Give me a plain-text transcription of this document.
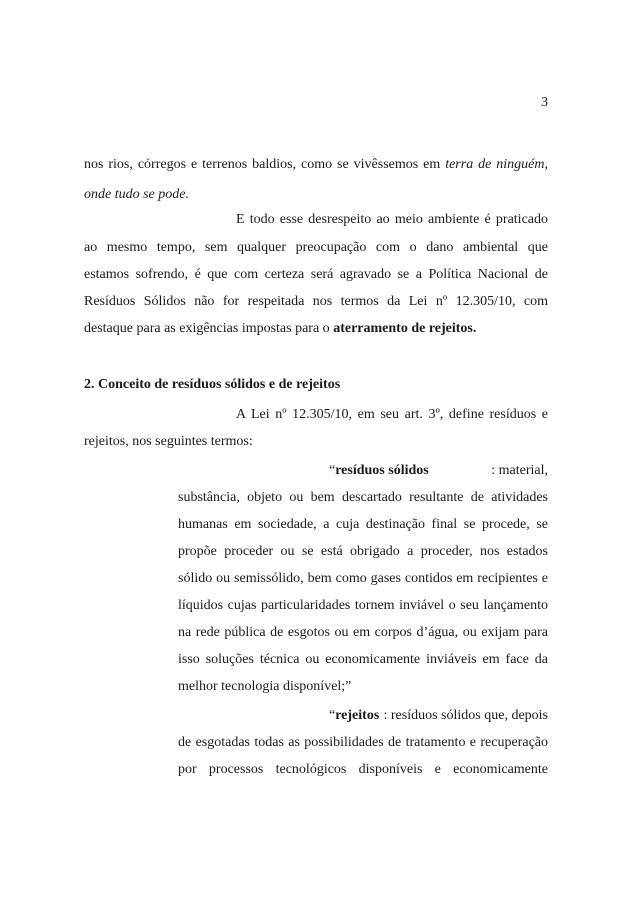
3
nos rios, córregos e terrenos baldios, como se vivêssemos em terra de ninguém,
onde tudo se pode.
E todo esse desrespeito ao meio ambiente é praticado
ao mesmo tempo, sem qualquer preocupação com o dano ambiental que
estamos sofrendo, é que com certeza será agravado se a Política Nacional de
Resíduos Sólidos não for respeitada nos termos da Lei nº 12.305/10, com
destaque para as exigências impostas para o aterramento de rejeitos.
2. Conceito de resíduos sólidos e de rejeitos
A Lei nº 12.305/10, em seu art. 3º, define resíduos e
rejeitos, nos seguintes termos:
“resíduos sólidos	: material,
substância, objeto ou bem descartado resultante de atividades
humanas em sociedade, a cuja destinação final se procede, se
propõe proceder ou se está obrigado a proceder, nos estados
sólido ou semissólido, bem como gases contidos em recipientes e
líquidos cujas particularidades tornem inviável o seu lançamento
na rede pública de esgotos ou em corpos d’água, ou exijam para
isso soluções técnica ou economicamente inviáveis em face da
melhor tecnologia disponível;”
“rejeitos : resíduos sólidos que, depois
de esgotadas todas as possibilidades de tratamento e recuperação
por processos tecnológicos disponíveis e economicamente
